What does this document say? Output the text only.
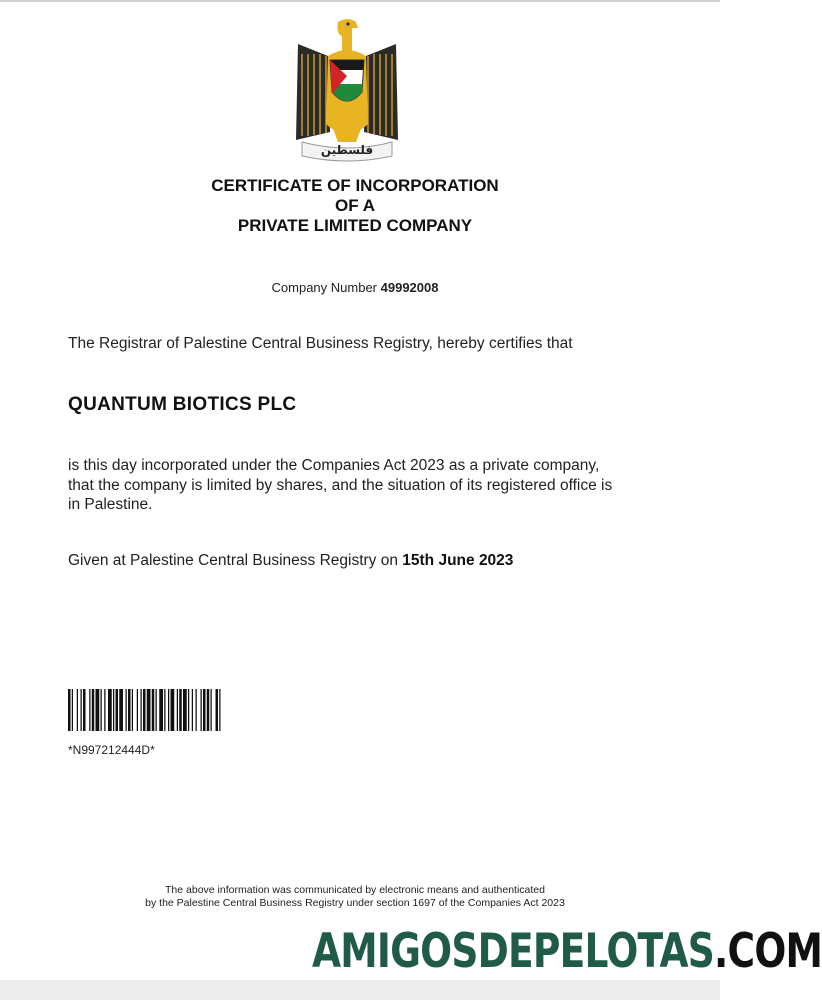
فلسطين
CERTIFICATE OF INCORPORATION
OF A
PRIVATE LIMITED COMPANY
Company Number 49992008
The Registrar of Palestine Central Business Registry, hereby certifies that
QUANTUM BIOTICS PLC
is this day incorporated under the Companies Act 2023 as a private company, that the company is limited by shares, and the situation of its registered office is in Palestine.
Given at Palestine Central Business Registry on 15th June 2023
*N997212444D*
The above information was communicated by electronic means and authenticated
by the Palestine Central Business Registry under section 1697 of the Companies Act 2023
AMIGOSDEPELOTAS.COM
